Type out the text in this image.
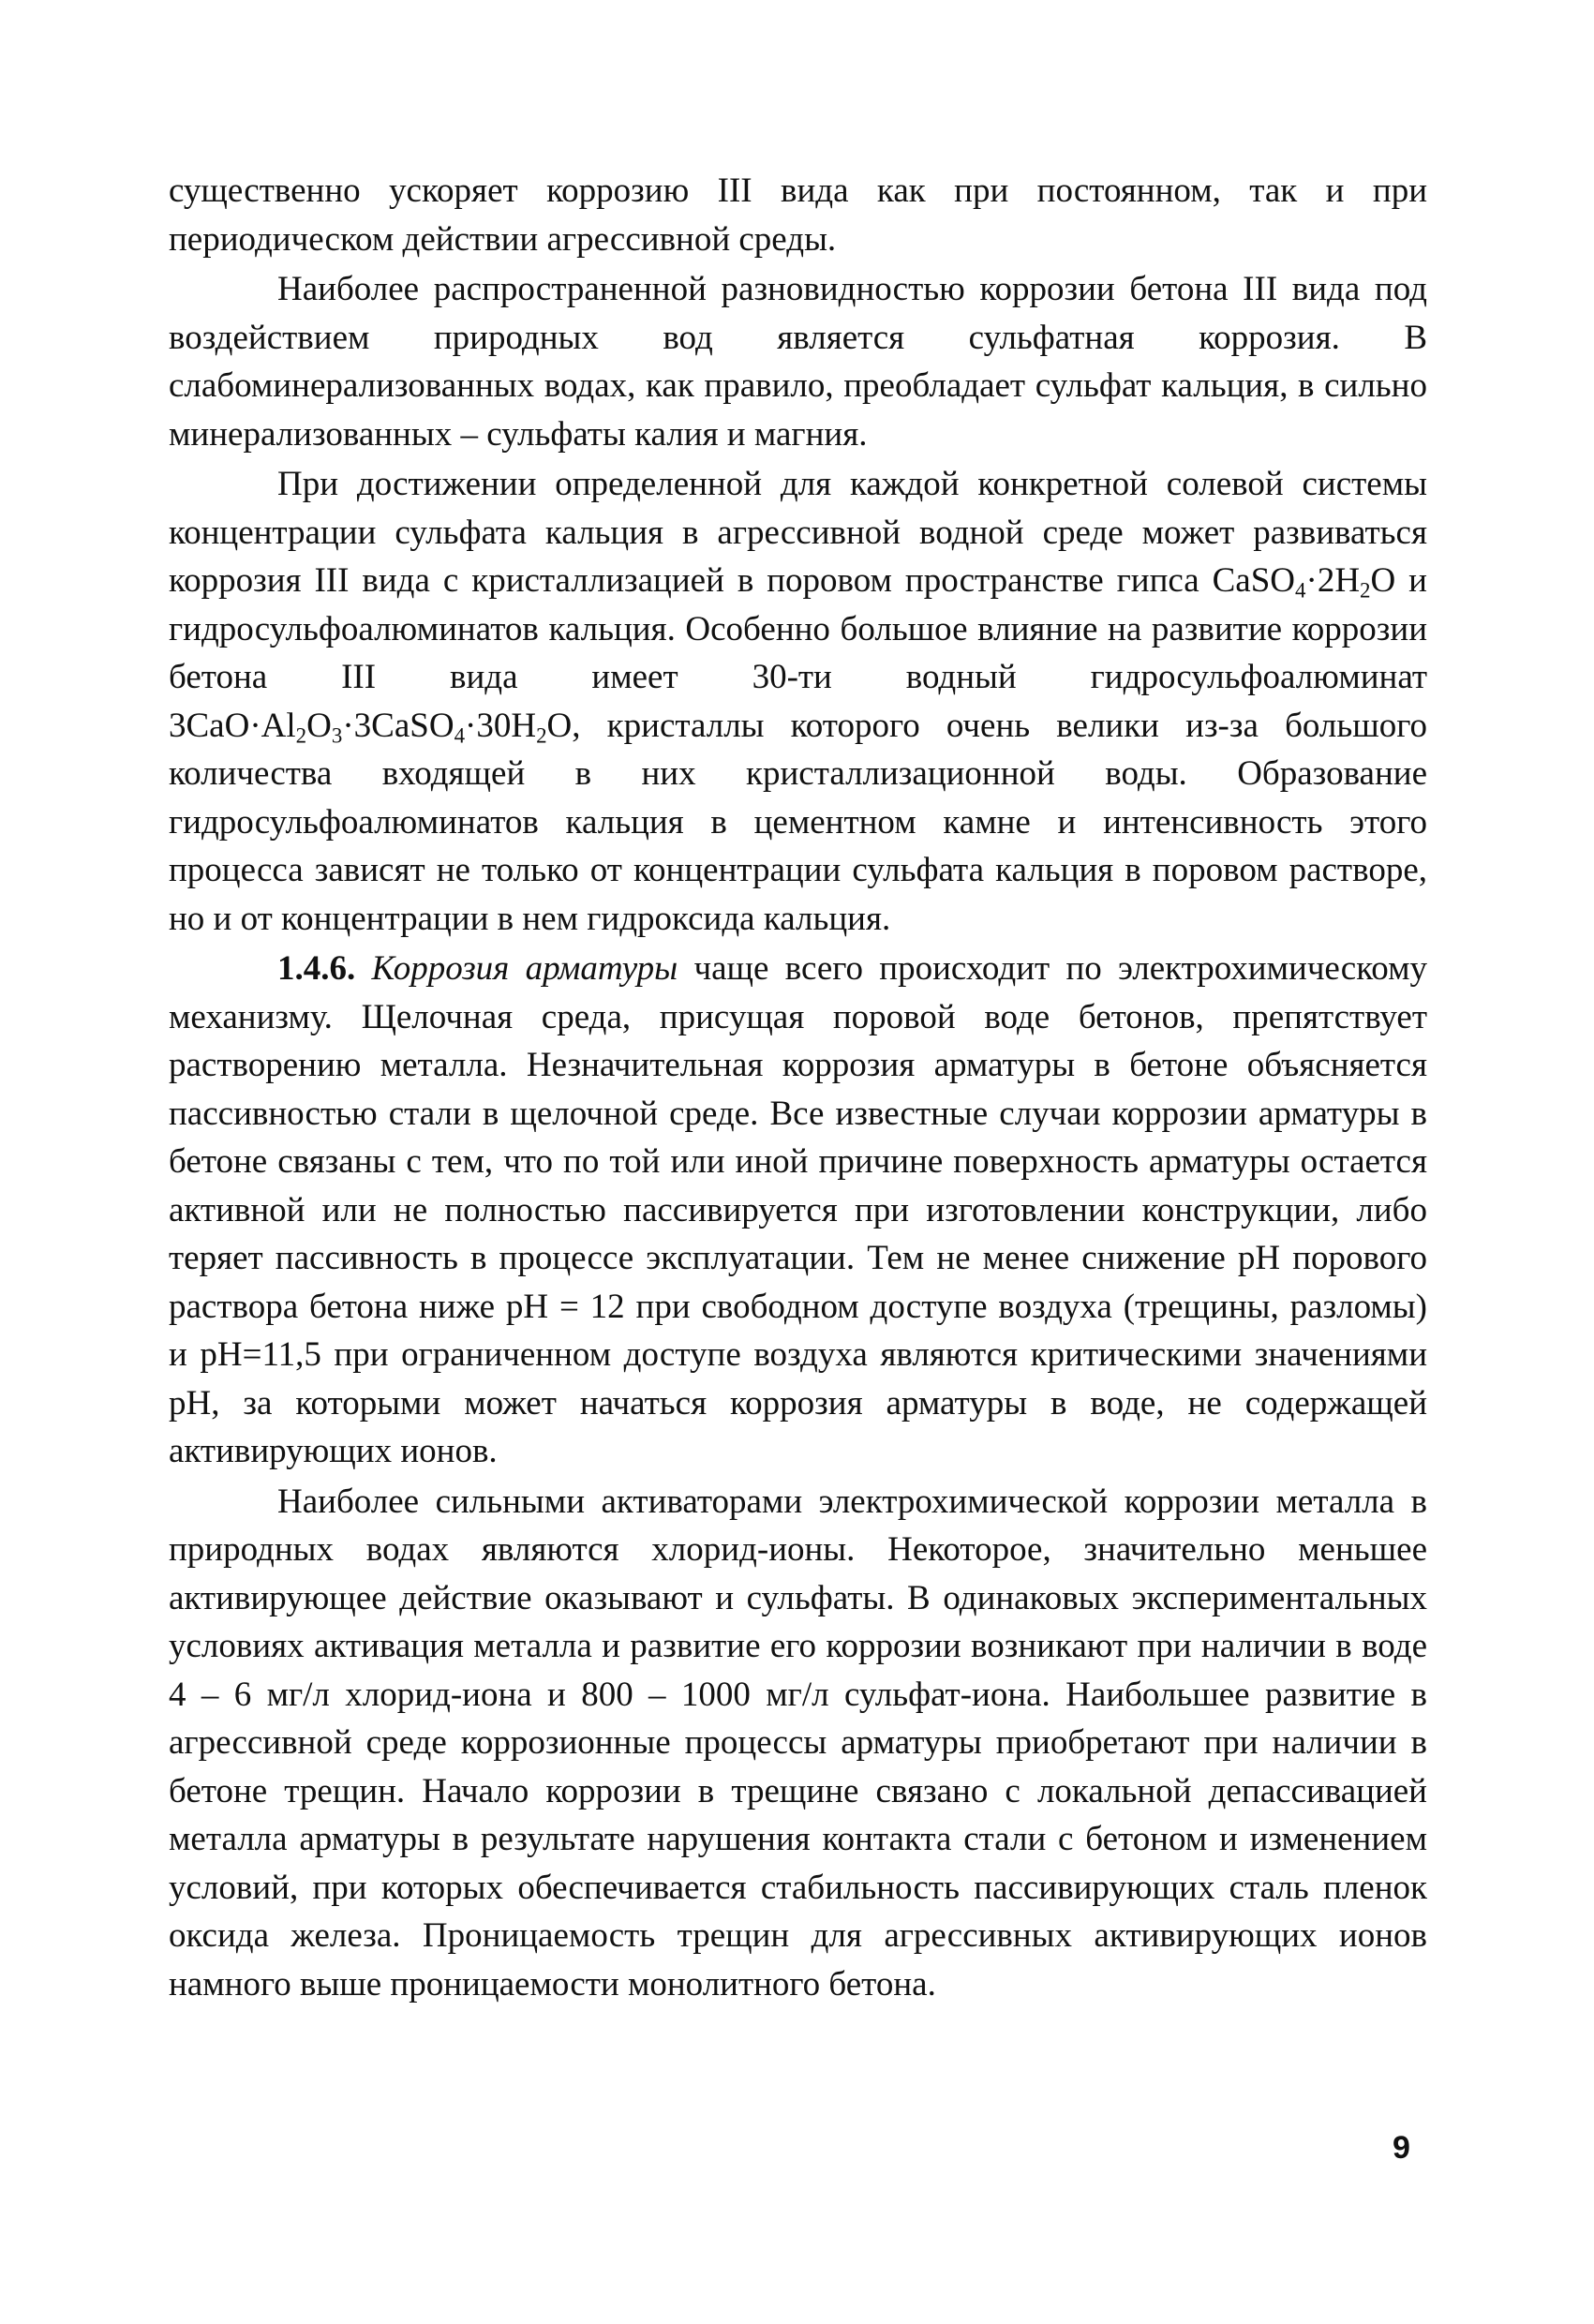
существенно ускоряет коррозию III вида как при постоянном, так и при периодическом действии агрессивной среды.

Наиболее распространенной разновидностью коррозии бетона III вида под воздействием природных вод является сульфатная коррозия. В слабоминерализованных водах, как правило, преобладает сульфат кальция, в сильно минерализованных – сульфаты калия и магния.

При достижении определенной для каждой конкретной солевой системы концентрации сульфата кальция в агрессивной водной среде может развиваться коррозия III вида с кристаллизацией в поровом пространстве гипса $CaSO_4\cdot 2H_2O$ и гидросульфоалюминатов кальция. Особенно большое влияние на развитие коррозии бетона III вида имеет 30-ти водный гидросульфоалюминат $3CaO\cdot Al_2O_3\cdot 3CaSO_4\cdot 30H_2O$, кристаллы которого очень велики из-за большого количества входящей в них кристаллизационной воды. Образование гидросульфоалюминатов кальция в цементном камне и интенсивность этого процесса зависят не только от концентрации сульфата кальция в поровом растворе, но и от концентрации в нем гидроксида кальция.

1.4.6. Коррозия арматуры чаще всего происходит по электрохимическому механизму. Щелочная среда, присущая поровой воде бетонов, препятствует растворению металла. Незначительная коррозия арматуры в бетоне объясняется пассивностью стали в щелочной среде. Все известные случаи коррозии арматуры в бетоне связаны с тем, что по той или иной причине поверхность арматуры остается активной или не полностью пассивируется при изготовлении конструкции, либо теряет пассивность в процессе эксплуатации. Тем не менее снижение pH порового раствора бетона ниже pH = 12 при свободном доступе воздуха (трещины, разломы) и pH=11,5 при ограниченном доступе воздуха являются критическими значениями pH, за которыми может начаться коррозия арматуры в воде, не содержащей активирующих ионов.

Наиболее сильными активаторами электрохимической коррозии металла в природных водах являются хлорид-ионы. Некоторое, значительно меньшее активирующее действие оказывают и сульфаты. В одинаковых экспериментальных условиях активация металла и развитие его коррозии возникают при наличии в воде 4 – 6 мг/л хлорид-иона и 800 – 1000 мг/л сульфат-иона. Наибольшее развитие в агрессивной среде коррозионные процессы арматуры приобретают при наличии в бетоне трещин. Начало коррозии в трещине связано с локальной депассивацией металла арматуры в результате нарушения контакта стали с бетоном и изменением условий, при которых обеспечивается стабильность пассивирующих сталь пленок оксида железа. Проницаемость трещин для агрессивных активирующих ионов намного выше проницаемости монолитного бетона.

9
